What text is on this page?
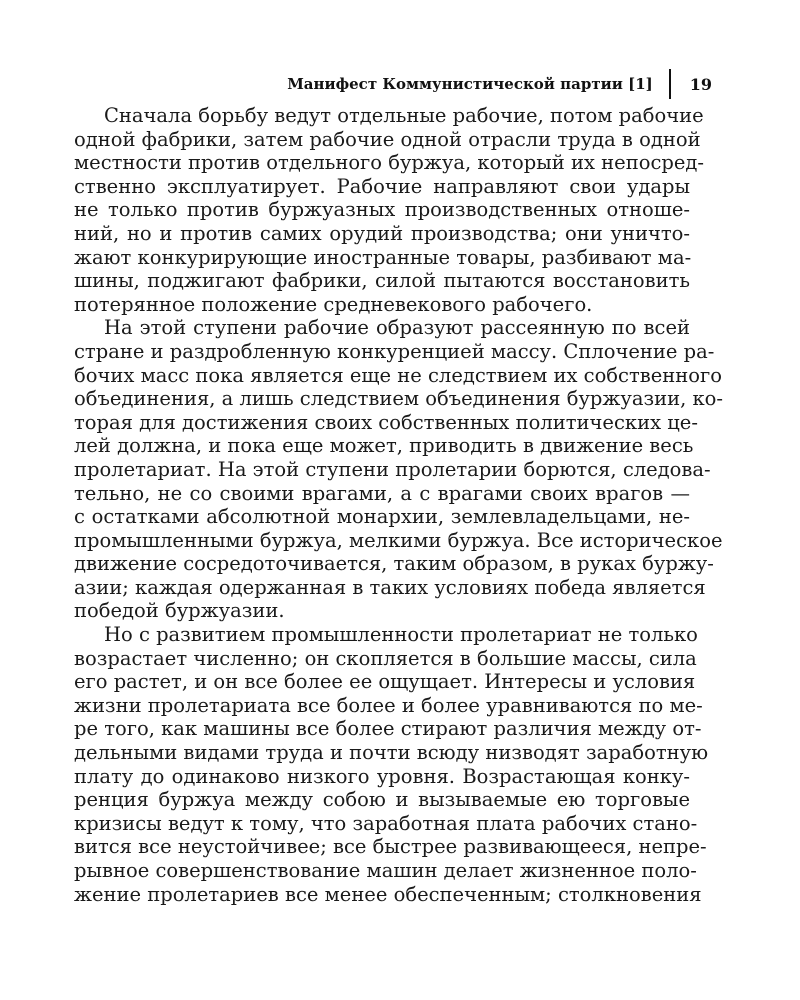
Манифест Коммунистической партии [1] 19
Сначала борьбу ведут отдельные рабочие, потом рабочие
одной фабрики, затем рабочие одной отрасли труда в одной
местности против отдельного буржуа, который их непосред-
ственно эксплуатирует. Рабочие направляют свои удары
не только против буржуазных производственных отноше-
ний, но и против самих орудий производства; они уничто-
жают конкурирующие иностранные товары, разбивают ма-
шины, поджигают фабрики, силой пытаются восстановить
потерянное положение средневекового рабочего.
На этой ступени рабочие образуют рассеянную по всей
стране и раздробленную конкуренцией массу. Сплочение ра-
бочих масс пока является еще не следствием их собственного
объединения, а лишь следствием объединения буржуазии, ко-
торая для достижения своих собственных политических це-
лей должна, и пока еще может, приводить в движение весь
пролетариат. На этой ступени пролетарии борются, следова-
тельно, не со своими врагами, а с врагами своих врагов —
с остатками абсолютной монархии, землевладельцами, не-
промышленными буржуа, мелкими буржуа. Все историческое
движение сосредоточивается, таким образом, в руках буржу-
азии; каждая одержанная в таких условиях победа является
победой буржуазии.
Но с развитием промышленности пролетариат не только
возрастает численно; он скопляется в большие массы, сила
его растет, и он все более ее ощущает. Интересы и условия
жизни пролетариата все более и более уравниваются по ме-
ре того, как машины все более стирают различия между от-
дельными видами труда и почти всюду низводят заработную
плату до одинаково низкого уровня. Возрастающая конку-
ренция буржуа между собою и вызываемые ею торговые
кризисы ведут к тому, что заработная плата рабочих стано-
вится все неустойчивее; все быстрее развивающееся, непре-
рывное совершенствование машин делает жизненное поло-
жение пролетариев все менее обеспеченным; столкновения
